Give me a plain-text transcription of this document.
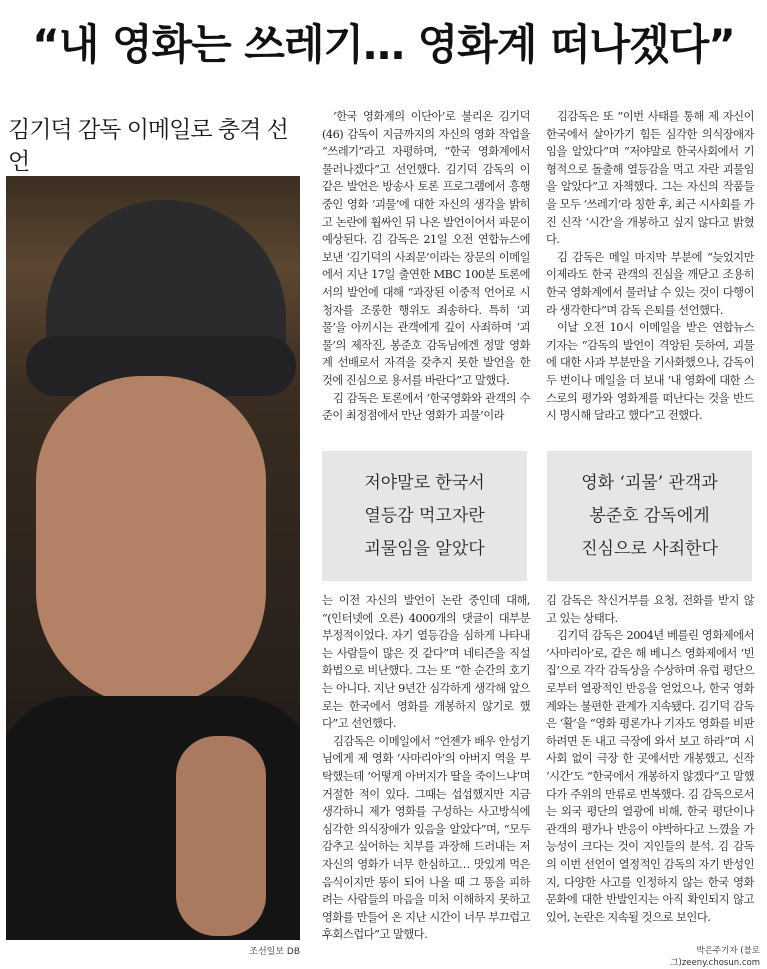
“내 영화는 쓰레기… 영화계 떠나겠다”
김기덕 감독 이메일로 충격 선언
조선일보 DB

‘한국 영화계의 이단아’로 불리온 김기덕(46) 감독이 지금까지의 자신의 영화 작업을 “쓰레기”라고 자평하며, “한국 영화계에서 물러나겠다”고 선언했다. 김기덕 감독의 이같은 발언은 방송사 토론 프로그램에서 흥행 중인 영화 ‘괴물’에 대한 자신의 생각을 밝히고 논란에 휩싸인 뒤 나온 발언이어서 파문이 예상된다. 김 감독은 21일 오전 연합뉴스에 보낸 ‘김기덕의 사죄문’이라는 장문의 이메일에서 지난 17일 출연한 MBC 100분 토론에서의 발언에 대해 “과장된 이중적 언어로 시청자를 조롱한 행위도 죄송하다. 특히 ‘괴물’을 아끼시는 관객에게 깊이 사죄하며 ‘괴물’의 제작진, 봉준호 감독님에겐 정말 영화계 선배로서 자격을 갖추지 못한 발언을 한 것에 진심으로 용서를 바란다”고 말했다.

김 감독은 토론에서 ‘한국영화와 관객의 수준이 최정점에서 만난 영화가 괴물’이라

김감독은 또 “이번 사태를 통해 제 자신이 한국에서 살아가기 힘든 심각한 의식장애자임을 알았다”며 “저야말로 한국사회에서 기형적으로 돌출해 열등감을 먹고 자란 괴물임을 알았다”고 자책했다. 그는 자신의 작품들을 모두 ‘쓰레기’라 칭한 후, 최근 시사회를 가진 신작 ‘시간’을 개봉하고 싶지 않다고 밝혔다.

김 감독은 메일 마지막 부분에 “늦었지만 이제라도 한국 관객의 진심을 깨닫고 조용히 한국 영화계에서 물러날 수 있는 것이 다행이라 생각한다”며 감독 은퇴를 선언했다.

이날 오전 10시 이메일을 받은 연합뉴스 기자는 “감독의 발언이 격앙된 듯하여, 괴물에 대한 사과 부분만을 기사화했으나, 감독이 두 번이나 메일을 더 보내 ‘내 영화에 대한 스스로의 평가와 영화계를 떠난다는 것을 반드시 명시해 달라고 했다”고 전했다.

저야말로 한국서
열등감 먹고자란
괴물임을 알았다
영화 ‘괴물’ 관객과
봉준호 감독에게
진심으로 사죄한다

는 이전 자신의 발언이 논란 중인데 대해, “(인터넷에 오른) 4000개의 댓글이 대부분 부정적이었다. 자기 열등감을 심하게 나타내는 사람들이 많은 것 같다”며 네티즌을 직설화법으로 비난했다. 그는 또 “한 순간의 호기는 아니다. 지난 9년간 심각하게 생각해 앞으로는 한국에서 영화를 개봉하지 않기로 했다”고 선언했다.

김감독은 이메일에서 “언젠가 배우 안성기님에게 제 영화 ‘사마리아’의 아버지 역을 부탁했는데 ‘어떻게 아버지가 딸을 죽이느냐’며 거절한 적이 있다. 그때는 섭섭했지만 지금 생각하니 제가 영화를 구성하는 사고방식에 심각한 의식장애가 있음을 알았다”며, “모두 감추고 싶어하는 치부를 과장해 드러내는 저 자신의 영화가 너무 한심하고… 맛있게 먹은 음식이지만 똥이 되어 나올 때 그 똥을 피하려는 사람들의 마음을 미처 이해하지 못하고 영화를 만들어 온 지난 시간이 너무 부끄럽고 후회스럽다”고 말했다.

김 감독은 착신거부를 요청, 전화를 받지 않고 있는 상태다.

김기덕 감독은 2004년 베를린 영화제에서 ‘사마리아’로, 같은 해 베니스 영화제에서 ‘빈집’으로 각각 감독상을 수상하며 유럽 평단으로부터 열광적인 반응을 얻었으나, 한국 영화계와는 불편한 관계가 지속됐다. 김기덕 감독은 ‘활’을 “영화 평론가나 기자도 영화를 비판하려면 돈 내고 극장에 와서 보고 하라”며 시사회 없이 극장 한 곳에서만 개봉했고, 신작 ‘시간’도 “한국에서 개봉하지 않겠다”고 말했다가 주위의 만류로 번복했다. 김 감독으로서는 외국 평단의 열광에 비해, 한국 평단이나 관객의 평가나 반응이 야박하다고 느꼈을 가능성이 크다는 것이 지인들의 분석. 김 감독의 이번 선언이 열정적인 감독의 자기 반성인지, 다양한 사고를 인정하지 않는 한국 영화문화에 대한 반발인지는 아직 확인되지 않고 있어, 논란은 지속될 것으로 보인다.

박은주기자 (블로그)zeeny.chosun.com
